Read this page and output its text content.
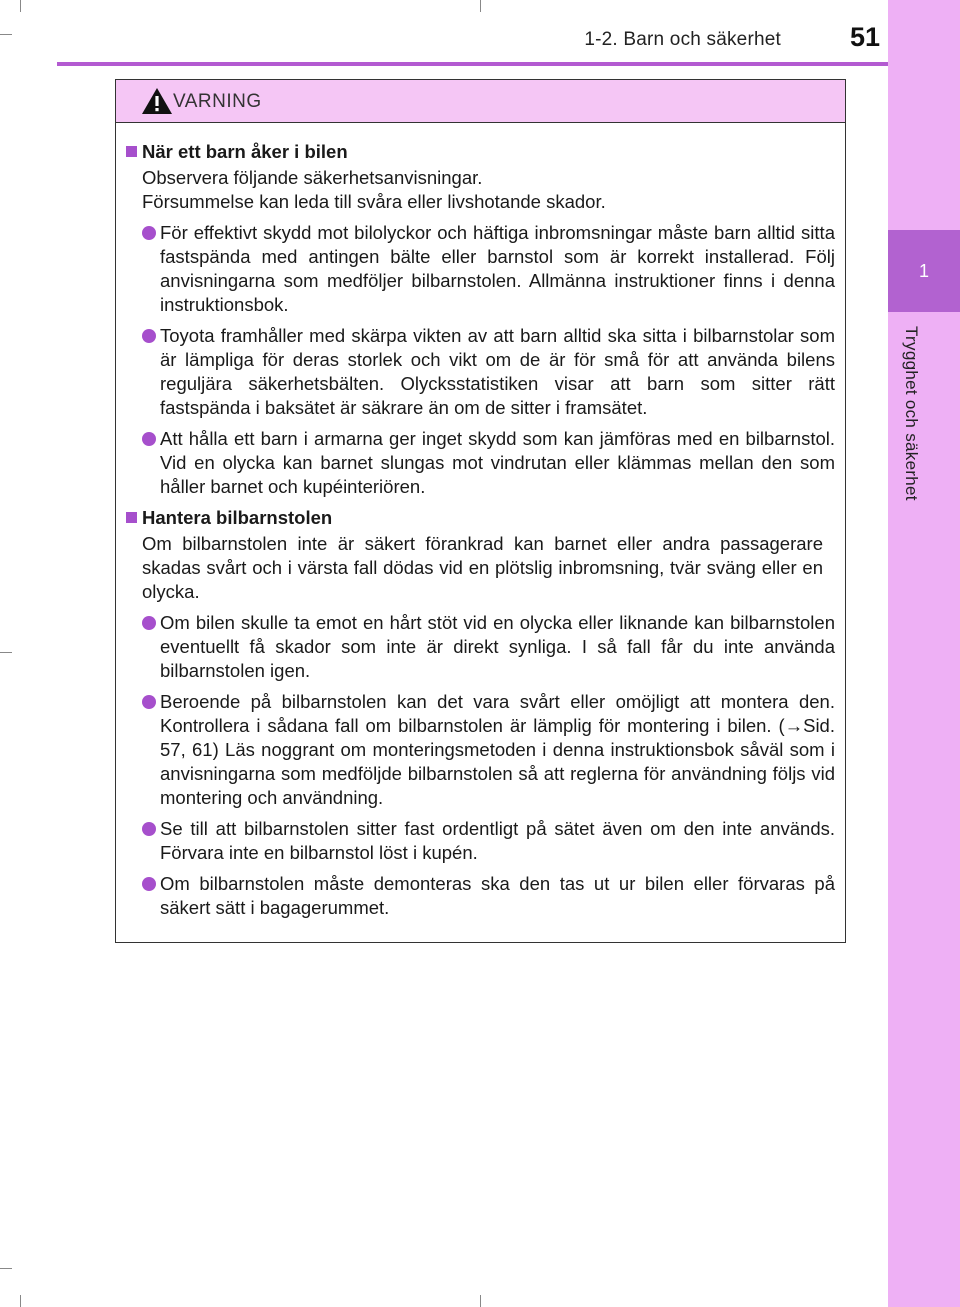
1
Trygghet och säkerhet
1-2. Barn och säkerhet	51
VARNING
När ett barn åker i bilen
Observera följande säkerhetsanvisningar.
Försummelse kan leda till svåra eller livshotande skador.
För effektivt skydd mot bilolyckor och häftiga inbromsningar måste barn alltid sitta fastspända med antingen bälte eller barnstol som är korrekt installerad. Följ anvisningarna som medföljer bilbarnstolen. Allmänna instruktioner finns i denna instruktionsbok.
Toyota framhåller med skärpa vikten av att barn alltid ska sitta i bilbarnstolar som är lämpliga för deras storlek och vikt om de är för små för att använda bilens reguljära säkerhetsbälten. Olycksstatistiken visar att barn som sitter rätt fastspända i baksätet är säkrare än om de sitter i framsätet.
Att hålla ett barn i armarna ger inget skydd som kan jämföras med en bilbarnstol. Vid en olycka kan barnet slungas mot vindrutan eller klämmas mellan den som håller barnet och kupéinteriören.
Hantera bilbarnstolen
Om bilbarnstolen inte är säkert förankrad kan barnet eller andra passagerare skadas svårt och i värsta fall dödas vid en plötslig inbromsning, tvär sväng eller en olycka.
Om bilen skulle ta emot en hårt stöt vid en olycka eller liknande kan bilbarnstolen eventuellt få skador som inte är direkt synliga. I så fall får du inte använda bilbarnstolen igen.
Beroende på bilbarnstolen kan det vara svårt eller omöjligt att montera den. Kontrollera i sådana fall om bilbarnstolen är lämplig för montering i bilen. (→Sid. 57, 61) Läs noggrant om monteringsmetoden i denna instruktionsbok såväl som i anvisningarna som medföljde bilbarnstolen så att reglerna för användning följs vid montering och användning.
Se till att bilbarnstolen sitter fast ordentligt på sätet även om den inte används. Förvara inte en bilbarnstol löst i kupén.
Om bilbarnstolen måste demonteras ska den tas ut ur bilen eller förvaras på säkert sätt i bagagerummet.
